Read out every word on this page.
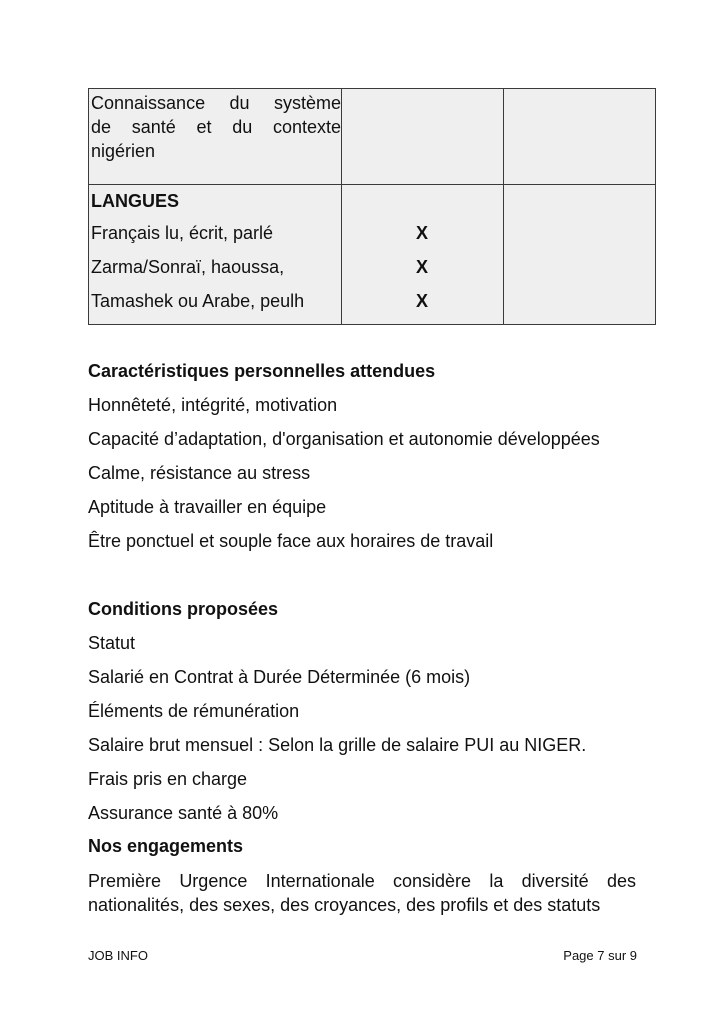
Connaissance du système
de santé et du contexte
nigérien
LANGUES
Français lu, écrit, parlé	X
Zarma/Sonraï, haoussa,	X
Tamashek ou Arabe, peulh	X
Caractéristiques personnelles attendues
Honnêteté, intégrité, motivation
Capacité d’adaptation, d'organisation et autonomie développées
Calme, résistance au stress
Aptitude à travailler en équipe
Être ponctuel et souple face aux horaires de travail
Conditions proposées
Statut
Salarié en Contrat à Durée Déterminée (6 mois)
Éléments de rémunération
Salaire brut mensuel : Selon la grille de salaire PUI au NIGER.
Frais pris en charge
Assurance santé à 80%
Nos engagements
Première Urgence Internationale considère la diversité des
nationalités, des sexes, des croyances, des profils et des statuts
JOB INFO	Page 7 sur 9
